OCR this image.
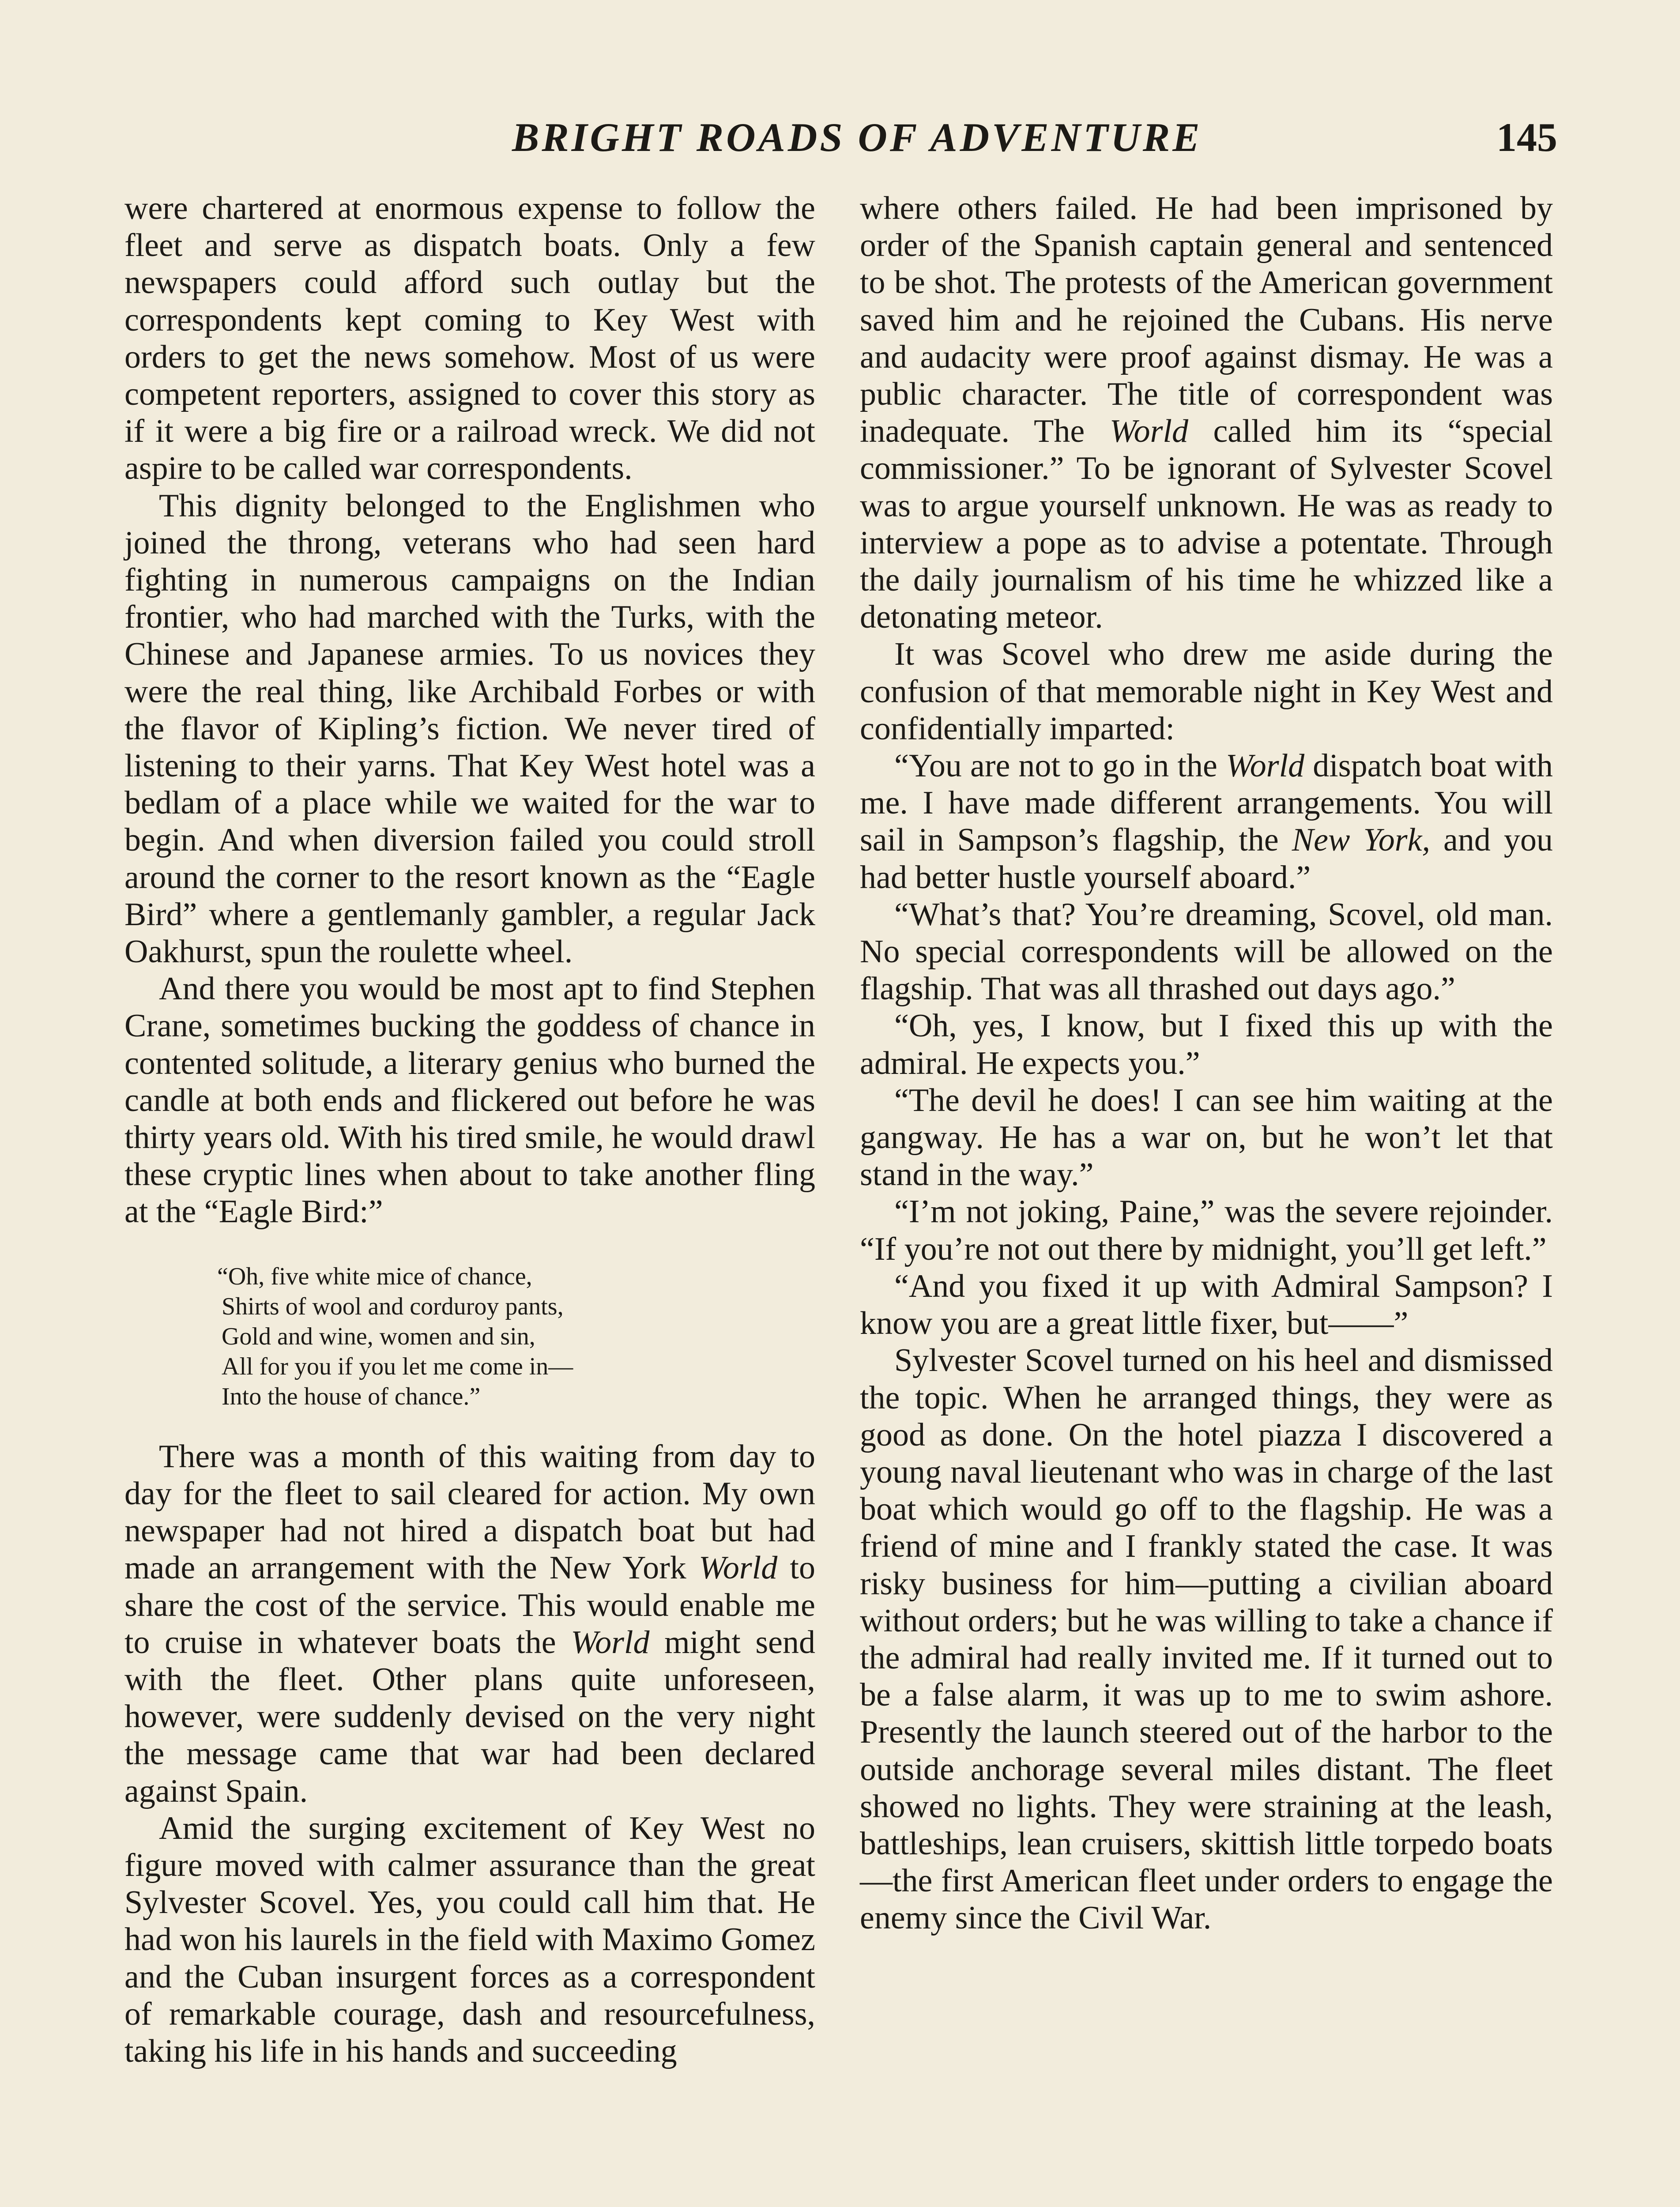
BRIGHT ROADS OF ADVENTURE	145

were chartered at enormous expense to follow the fleet and serve as dispatch boats. Only a few newspapers could afford such outlay but the correspondents kept coming to Key West with orders to get the news somehow. Most of us were competent reporters, assigned to cover this story as if it were a big fire or a railroad wreck. We did not aspire to be called war correspondents.

This dignity belonged to the Englishmen who joined the throng, veterans who had seen hard fighting in numerous campaigns on the Indian frontier, who had marched with the Turks, with the Chinese and Japanese armies. To us novices they were the real thing, like Archibald Forbes or with the flavor of Kipling’s fiction. We never tired of listening to their yarns. That Key West hotel was a bedlam of a place while we waited for the war to begin. And when diversion failed you could stroll around the corner to the resort known as the “Eagle Bird” where a gentlemanly gambler, a regular Jack Oakhurst, spun the roulette wheel.

And there you would be most apt to find Stephen Crane, sometimes bucking the goddess of chance in contented solitude, a literary genius who burned the candle at both ends and flickered out before he was thirty years old. With his tired smile, he would drawl these cryptic lines when about to take another fling at the “Eagle Bird:”

“Oh, five white mice of chance,
Shirts of wool and corduroy pants,
Gold and wine, women and sin,
All for you if you let me come in—
Into the house of chance.”

There was a month of this waiting from day to day for the fleet to sail cleared for action. My own newspaper had not hired a dispatch boat but had made an arrangement with the New York World to share the cost of the service. This would enable me to cruise in whatever boats the World might send with the fleet. Other plans quite unforeseen, however, were suddenly devised on the very night the message came that war had been declared against Spain.

Amid the surging excitement of Key West no figure moved with calmer assurance than the great Sylvester Scovel. Yes, you could call him that. He had won his laurels in the field with Maximo Gomez and the Cuban insurgent forces as a correspondent of remarkable courage, dash and resourcefulness, taking his life in his hands and succeeding

where others failed. He had been imprisoned by order of the Spanish captain general and sentenced to be shot. The protests of the American government saved him and he rejoined the Cubans. His nerve and audacity were proof against dismay. He was a public character. The title of correspondent was inadequate. The World called him its “special commissioner.” To be ignorant of Sylvester Scovel was to argue yourself unknown. He was as ready to interview a pope as to advise a potentate. Through the daily journalism of his time he whizzed like a detonating meteor.

It was Scovel who drew me aside during the confusion of that memorable night in Key West and confidentially imparted:

“You are not to go in the World dispatch boat with me. I have made different arrangements. You will sail in Sampson’s flagship, the New York, and you had better hustle yourself aboard.”

“What’s that? You’re dreaming, Scovel, old man. No special correspondents will be allowed on the flagship. That was all thrashed out days ago.”

“Oh, yes, I know, but I fixed this up with the admiral. He expects you.”

“The devil he does! I can see him waiting at the gangway. He has a war on, but he won’t let that stand in the way.”

“I’m not joking, Paine,” was the severe rejoinder. “If you’re not out there by midnight, you’ll get left.”

“And you fixed it up with Admiral Sampson? I know you are a great little fixer, but——”

Sylvester Scovel turned on his heel and dismissed the topic. When he arranged things, they were as good as done. On the hotel piazza I discovered a young naval lieutenant who was in charge of the last boat which would go off to the flagship. He was a friend of mine and I frankly stated the case. It was risky business for him—putting a civilian aboard without orders; but he was willing to take a chance if the admiral had really invited me. If it turned out to be a false alarm, it was up to me to swim ashore. Presently the launch steered out of the harbor to the outside anchorage several miles distant. The fleet showed no lights. They were straining at the leash, battleships, lean cruisers, skittish little torpedo boats—the first American fleet under orders to engage the enemy since the Civil War.
